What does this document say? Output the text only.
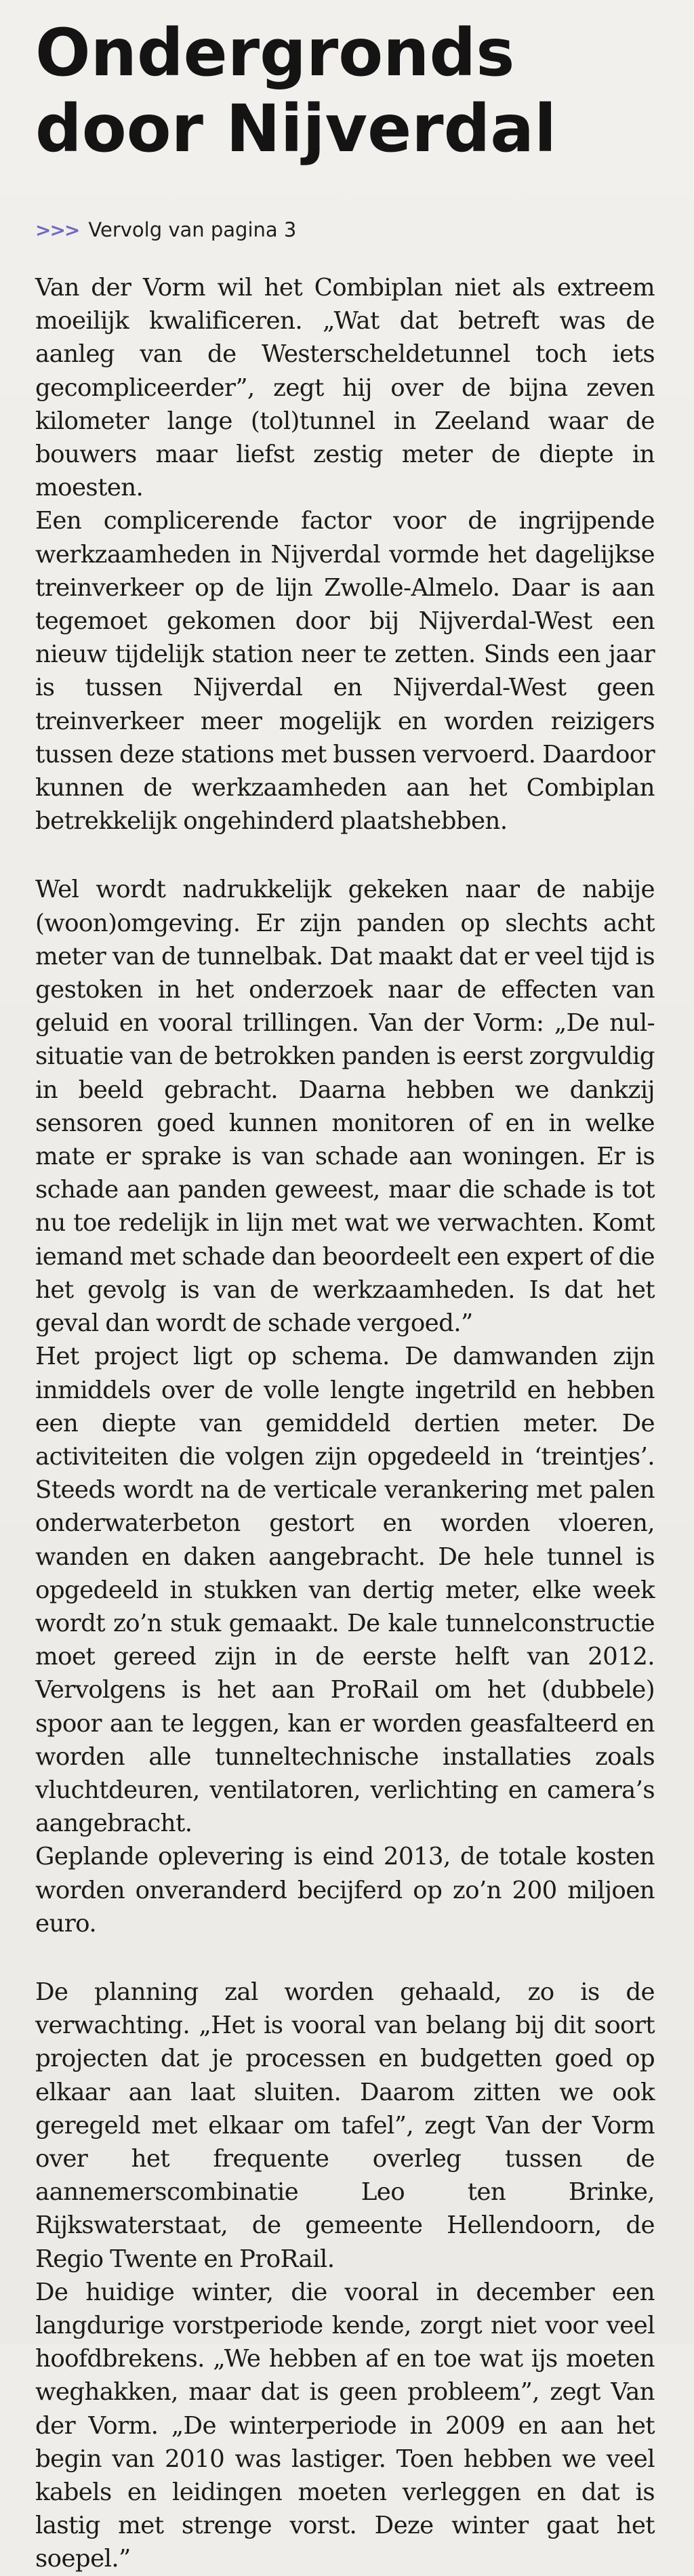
Ondergronds
door Nijverdal
>>> Vervolg van pagina 3

Van der Vorm wil het Combiplan niet als extreem moeilijk kwalificeren. „Wat dat betreft was de aanleg van de Westerscheldetunnel toch iets gecompliceerder”, zegt hij over de bijna zeven kilometer lange (tol)tunnel in Zeeland waar de bouwers maar liefst zestig meter de diepte in moesten.

Een complicerende factor voor de ingrijpende werkzaamheden in Nijverdal vormde het dagelijkse treinverkeer op de lijn Zwolle-Almelo. Daar is aan tegemoet gekomen door bij Nijverdal-West een nieuw tijdelijk station neer te zetten. Sinds een jaar is tussen Nijverdal en Nijverdal-West geen treinverkeer meer mogelijk en worden reizigers tussen deze stations met bussen vervoerd. Daardoor kunnen de werkzaamheden aan het Combiplan betrekkelijk ongehinderd plaatshebben.

Wel wordt nadrukkelijk gekeken naar de nabije (woon)omgeving. Er zijn panden op slechts acht meter van de tunnelbak. Dat maakt dat er veel tijd is gestoken in het onderzoek naar de effecten van geluid en vooral trillingen. Van der Vorm: „De nul-situatie van de betrokken panden is eerst zorgvuldig in beeld gebracht. Daarna hebben we dankzij sensoren goed kunnen monitoren of en in welke mate er sprake is van schade aan woningen. Er is schade aan panden geweest, maar die schade is tot nu toe redelijk in lijn met wat we verwachten. Komt iemand met schade dan beoordeelt een expert of die het gevolg is van de werkzaamheden. Is dat het geval dan wordt de schade vergoed.”

Het project ligt op schema. De damwanden zijn inmiddels over de volle lengte ingetrild en hebben een diepte van gemiddeld dertien meter. De activiteiten die volgen zijn opgedeeld in ‘treintjes’. Steeds wordt na de verticale verankering met palen onderwaterbeton gestort en worden vloeren, wanden en daken aangebracht. De hele tunnel is opgedeeld in stukken van dertig meter, elke week wordt zo’n stuk gemaakt. De kale tunnelconstructie moet gereed zijn in de eerste helft van 2012. Vervolgens is het aan ProRail om het (dubbele) spoor aan te leggen, kan er worden geasfalteerd en worden alle tunneltechnische installaties zoals vluchtdeuren, ventilatoren, verlichting en camera’s aangebracht.

Geplande oplevering is eind 2013, de totale kosten worden onveranderd becijferd op zo’n 200 miljoen euro.

De planning zal worden gehaald, zo is de verwachting. „Het is vooral van belang bij dit soort projecten dat je processen en budgetten goed op elkaar aan laat sluiten. Daarom zitten we ook geregeld met elkaar om tafel”, zegt Van der Vorm over het frequente overleg tussen de aannemerscombinatie Leo ten Brinke, Rijkswaterstaat, de gemeente Hellendoorn, de Regio Twente en ProRail.

De huidige winter, die vooral in december een langdurige vorstperiode kende, zorgt niet voor veel hoofdbrekens. „We hebben af en toe wat ijs moeten weghakken, maar dat is geen probleem”, zegt Van der Vorm. „De winterperiode in 2009 en aan het begin van 2010 was lastiger. Toen hebben we veel kabels en leidingen moeten verleggen en dat is lastig met strenge vorst. Deze winter gaat het soepel.”
